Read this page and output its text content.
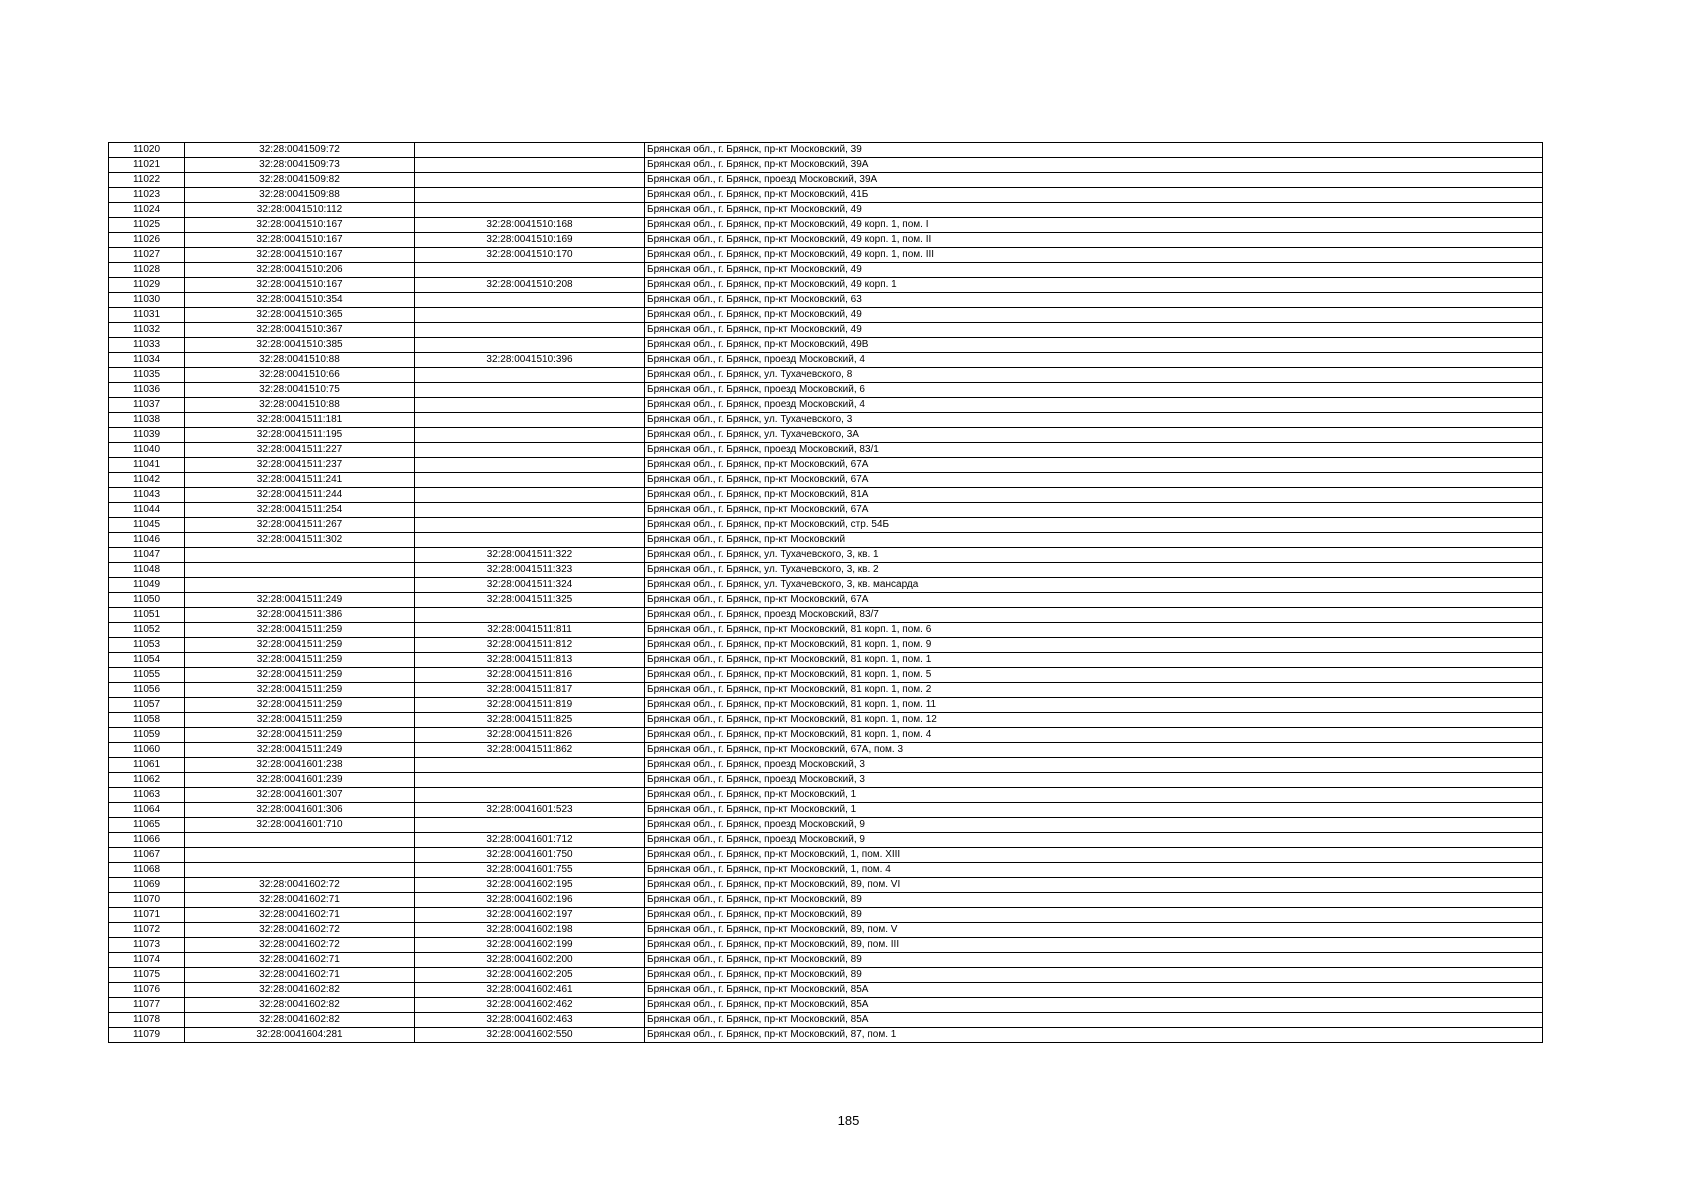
11020	32:28:0041509:72		Брянская обл., г. Брянск, пр-кт Московский, 39
11021	32:28:0041509:73		Брянская обл., г. Брянск, пр-кт Московский, 39А
11022	32:28:0041509:82		Брянская обл., г. Брянск, проезд Московский, 39А
11023	32:28:0041509:88		Брянская обл., г. Брянск, пр-кт Московский, 41Б
11024	32:28:0041510:112		Брянская обл., г. Брянск, пр-кт Московский, 49
11025	32:28:0041510:167	32:28:0041510:168	Брянская обл., г. Брянск, пр-кт Московский, 49 корп. 1, пом. I
11026	32:28:0041510:167	32:28:0041510:169	Брянская обл., г. Брянск, пр-кт Московский, 49 корп. 1, пом. II
11027	32:28:0041510:167	32:28:0041510:170	Брянская обл., г. Брянск, пр-кт Московский, 49 корп. 1, пом. III
11028	32:28:0041510:206		Брянская обл., г. Брянск, пр-кт Московский, 49
11029	32:28:0041510:167	32:28:0041510:208	Брянская обл., г. Брянск, пр-кт Московский, 49 корп. 1
11030	32:28:0041510:354		Брянская обл., г. Брянск, пр-кт Московский, 63
11031	32:28:0041510:365		Брянская обл., г. Брянск, пр-кт Московский, 49
11032	32:28:0041510:367		Брянская обл., г. Брянск, пр-кт Московский, 49
11033	32:28:0041510:385		Брянская обл., г. Брянск, пр-кт Московский, 49В
11034	32:28:0041510:88	32:28:0041510:396	Брянская обл., г. Брянск, проезд Московский, 4
11035	32:28:0041510:66		Брянская обл., г. Брянск, ул. Тухачевского, 8
11036	32:28:0041510:75		Брянская обл., г. Брянск, проезд Московский, 6
11037	32:28:0041510:88		Брянская обл., г. Брянск, проезд Московский, 4
11038	32:28:0041511:181		Брянская обл., г. Брянск, ул. Тухачевского, 3
11039	32:28:0041511:195		Брянская обл., г. Брянск, ул. Тухачевского, 3А
11040	32:28:0041511:227		Брянская обл., г. Брянск, проезд Московский, 83/1
11041	32:28:0041511:237		Брянская обл., г. Брянск, пр-кт Московский, 67А
11042	32:28:0041511:241		Брянская обл., г. Брянск, пр-кт Московский, 67А
11043	32:28:0041511:244		Брянская обл., г. Брянск, пр-кт Московский, 81А
11044	32:28:0041511:254		Брянская обл., г. Брянск, пр-кт Московский, 67А
11045	32:28:0041511:267		Брянская обл., г. Брянск, пр-кт Московский, стр. 54Б
11046	32:28:0041511:302		Брянская обл., г. Брянск, пр-кт Московский
11047		32:28:0041511:322	Брянская обл., г. Брянск, ул. Тухачевского, 3, кв. 1
11048		32:28:0041511:323	Брянская обл., г. Брянск, ул. Тухачевского, 3, кв. 2
11049		32:28:0041511:324	Брянская обл., г. Брянск, ул. Тухачевского, 3, кв. мансарда
11050	32:28:0041511:249	32:28:0041511:325	Брянская обл., г. Брянск, пр-кт Московский, 67А
11051	32:28:0041511:386		Брянская обл., г. Брянск, проезд Московский, 83/7
11052	32:28:0041511:259	32:28:0041511:811	Брянская обл., г. Брянск, пр-кт Московский, 81 корп. 1, пом. 6
11053	32:28:0041511:259	32:28:0041511:812	Брянская обл., г. Брянск, пр-кт Московский, 81 корп. 1, пом. 9
11054	32:28:0041511:259	32:28:0041511:813	Брянская обл., г. Брянск, пр-кт Московский, 81 корп. 1, пом. 1
11055	32:28:0041511:259	32:28:0041511:816	Брянская обл., г. Брянск, пр-кт Московский, 81 корп. 1, пом. 5
11056	32:28:0041511:259	32:28:0041511:817	Брянская обл., г. Брянск, пр-кт Московский, 81 корп. 1, пом. 2
11057	32:28:0041511:259	32:28:0041511:819	Брянская обл., г. Брянск, пр-кт Московский, 81 корп. 1, пом. 11
11058	32:28:0041511:259	32:28:0041511:825	Брянская обл., г. Брянск, пр-кт Московский, 81 корп. 1, пом. 12
11059	32:28:0041511:259	32:28:0041511:826	Брянская обл., г. Брянск, пр-кт Московский, 81 корп. 1, пом. 4
11060	32:28:0041511:249	32:28:0041511:862	Брянская обл., г. Брянск, пр-кт Московский, 67А, пом. 3
11061	32:28:0041601:238		Брянская обл., г. Брянск, проезд Московский, 3
11062	32:28:0041601:239		Брянская обл., г. Брянск, проезд Московский, 3
11063	32:28:0041601:307		Брянская обл., г. Брянск, пр-кт Московский, 1
11064	32:28:0041601:306	32:28:0041601:523	Брянская обл., г. Брянск, пр-кт Московский, 1
11065	32:28:0041601:710		Брянская обл., г. Брянск, проезд Московский, 9
11066		32:28:0041601:712	Брянская обл., г. Брянск, проезд Московский, 9
11067		32:28:0041601:750	Брянская обл., г. Брянск, пр-кт Московский, 1, пом. XIII
11068		32:28:0041601:755	Брянская обл., г. Брянск, пр-кт Московский, 1, пом. 4
11069	32:28:0041602:72	32:28:0041602:195	Брянская обл., г. Брянск, пр-кт Московский, 89, пом. VI
11070	32:28:0041602:71	32:28:0041602:196	Брянская обл., г. Брянск, пр-кт Московский, 89
11071	32:28:0041602:71	32:28:0041602:197	Брянская обл., г. Брянск, пр-кт Московский, 89
11072	32:28:0041602:72	32:28:0041602:198	Брянская обл., г. Брянск, пр-кт Московский, 89, пом. V
11073	32:28:0041602:72	32:28:0041602:199	Брянская обл., г. Брянск, пр-кт Московский, 89, пом. III
11074	32:28:0041602:71	32:28:0041602:200	Брянская обл., г. Брянск, пр-кт Московский, 89
11075	32:28:0041602:71	32:28:0041602:205	Брянская обл., г. Брянск, пр-кт Московский, 89
11076	32:28:0041602:82	32:28:0041602:461	Брянская обл., г. Брянск, пр-кт Московский, 85А
11077	32:28:0041602:82	32:28:0041602:462	Брянская обл., г. Брянск, пр-кт Московский, 85А
11078	32:28:0041602:82	32:28:0041602:463	Брянская обл., г. Брянск, пр-кт Московский, 85А
11079	32:28:0041604:281	32:28:0041602:550	Брянская обл., г. Брянск, пр-кт Московский, 87, пом. 1
185
